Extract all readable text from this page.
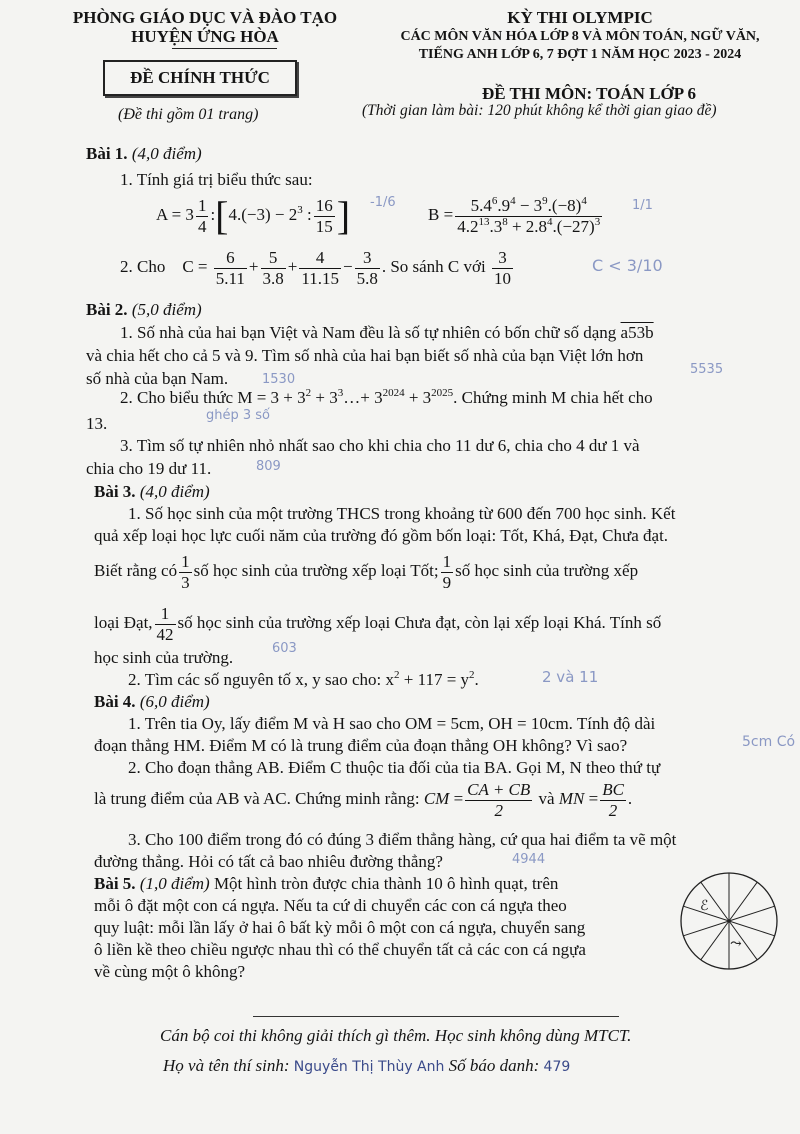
PHÒNG GIÁO DỤC VÀ ĐÀO TẠO
HUYỆN ỨNG HÒA
ĐỀ CHÍNH THỨC
(Đề thi gồm 01 trang)
KỲ THI OLYMPIC
CÁC MÔN VĂN HÓA LỚP 8 VÀ MÔN TOÁN, NGỮ VĂN,
TIẾNG ANH LỚP 6, 7 ĐỢT 1 NĂM HỌC 2023 - 2024
ĐỀ THI MÔN: TOÁN LỚP 6
(Thời gian làm bài: 120 phút không kể thời gian giao đề)
Bài 1. (4,0 điểm)
1. Tính giá trị biểu thức sau:
$A = 3 \frac{1}{4}$ :[4.(−3) − $2^3$ : $\frac{16}{15}$ ] -1/6
$B = \frac{5.4^6.9^4 - 3^9.(-8)^4}{4.2^{13}.3^8 + 2.8^4.(-27)^3} 1/1$
2. Cho $C = \frac{6}{5.11} + \frac{5}{3.8} + \frac{4}{11.15} - \frac{3}{5.8}$ . So sánh C với $\frac{3}{10}$	C < 3/10
Bài 2. (5,0 điểm)
1. Số nhà của hai bạn Việt và Nam đều là số tự nhiên có bốn chữ số dạng a53b
và chia hết cho cả 5 và 9. Tìm số nhà của hai bạn biết số nhà của bạn Việt lớn hơn
số nhà của bạn Nam.	1530
5535
2. Cho biểu thức $M = 3 + 3^2$ + $3^3\dots+ 3^{2024} + 3^{2025}$. Chứng minh M chia hết cho
13.	ghép 3 số
3. Tìm số tự nhiên nhỏ nhất sao cho khi chia cho 11 dư 6, chia cho 4 dư 1 và
chia cho 19 dư 11.	809
Bài 3. (4,0 điểm)
1. Số học sinh của một trường THCS trong khoảng từ 600 đến 700 học sinh. Kết
quả xếp loại học lực cuối năm của trường đó gồm bốn loại: Tốt, Khá, Đạt, Chưa đạt.
Biết rằng có $\frac{1}{3}$ số học sinh của trường xếp loại Tốt; $\frac{1}{9}$ số học sinh của trường xếp
loại Đạt, $\frac{1}{42}$ số học sinh của trường xếp loại Chưa đạt, còn lại xếp loại Khá. Tính số
học sinh của trường.	603
2. Tìm các số nguyên tố x, y sao cho: $x^2 + 117 = y^2$.	2 và 11
Bài 4. (6,0 điểm)
1. Trên tia Oy, lấy điểm M và H sao cho OM = 5cm, OH = 10cm. Tính độ dài
đoạn thẳng HM. Điểm M có là trung điểm của đoạn thẳng OH không? Vì sao?	5cm Có
2. Cho đoạn thẳng AB. Điểm C thuộc tia đối của tia BA. Gọi M, N theo thứ tự
là trung điểm của AB và AC. Chứng minh rằng: CM = $\frac{CA + CB}{2}$ và MN = $\frac{BC}{2}$ .
3. Cho 100 điểm trong đó có đúng 3 điểm thẳng hàng, cứ qua hai điểm ta vẽ một
đường thẳng. Hỏi có tất cả bao nhiêu đường thẳng?	4944
Bài 5. (1,0 điểm) Một hình tròn được chia thành 10 ô hình quạt, trên
mỗi ô đặt một con cá ngựa. Nếu ta cứ di chuyển các con cá ngựa theo
quy luật: mỗi lần lấy ở hai ô bất kỳ mỗi ô một con cá ngựa, chuyển sang
ô liền kề theo chiều ngược nhau thì có thể chuyển tất cả các con cá ngựa
về cùng một ô không?
ℰ
⤳
Cán bộ coi thi không giải thích gì thêm. Học sinh không dùng MTCT.
Họ và tên thí sinh: Nguyễn Thị Thùy Anh Số báo danh: 479
